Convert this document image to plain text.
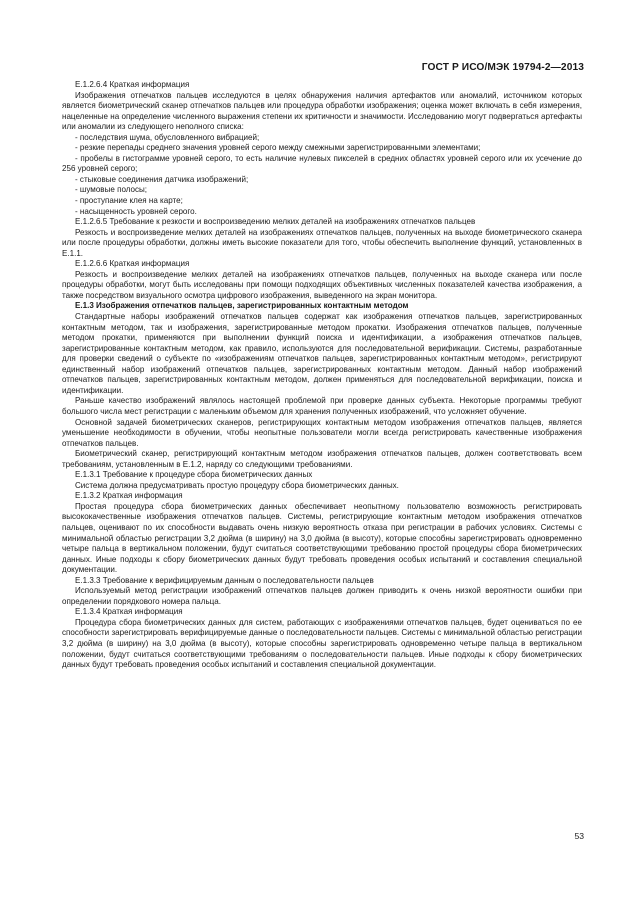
ГОСТ Р ИСО/МЭК 19794-2—2013

Е.1.2.6.4 Краткая информация

Изображения отпечатков пальцев исследуются в целях обнаружения наличия артефактов или аномалий, источником которых является биометрический сканер отпечатков пальцев или процедура обработки изображения; оценка может включать в себя измерения, нацеленные на определение численного выражения степени их критичности и значимости. Исследованию могут подвергаться артефакты или аномалии из следующего неполного списка:

- последствия шума, обусловленного вибрацией;

- резкие перепады среднего значения уровней серого между смежными зарегистрированными элементами;

- пробелы в гистограмме уровней серого, то есть наличие нулевых пикселей в средних областях уровней серого или их усечение до 256 уровней серого;

- стыковые соединения датчика изображений;

- шумовые полосы;

- проступание клея на карте;

- насыщенность уровней серого.

Е.1.2.6.5 Требование к резкости и воспроизведению мелких деталей на изображениях отпечатков пальцев

Резкость и воспроизведение мелких деталей на изображениях отпечатков пальцев, полученных на выходе биометрического сканера или после процедуры обработки, должны иметь высокие показатели для того, чтобы обеспечить выполнение функций, установленных в Е.1.1.

Е.1.2.6.6 Краткая информация

Резкость и воспроизведение мелких деталей на изображениях отпечатков пальцев, полученных на выходе сканера или после процедуры обработки, могут быть исследованы при помощи подходящих объективных численных показателей качества изображения, а также посредством визуального осмотра цифрового изображения, выведенного на экран монитора.

Е.1.3 Изображения отпечатков пальцев, зарегистрированных контактным методом

Стандартные наборы изображений отпечатков пальцев содержат как изображения отпечатков пальцев, зарегистрированных контактным методом, так и изображения, зарегистрированные методом прокатки. Изображения отпечатков пальцев, полученные методом прокатки, применяются при выполнении функций поиска и идентификации, а изображения отпечатков пальцев, зарегистрированные контактным методом, как правило, используются для последовательной верификации. Системы, разработанные для проверки сведений о субъекте по «изображениям отпечатков пальцев, зарегистрированных контактным методом», регистрируют единственный набор изображений отпечатков пальцев, зарегистрированных контактным методом. Данный набор изображений отпечатков пальцев, зарегистрированных контактным методом, должен применяться для последовательной верификации, поиска и идентификации.

Раньше качество изображений являлось настоящей проблемой при проверке данных субъекта. Некоторые программы требуют большого числа мест регистрации с маленьким объемом для хранения полученных изображений, что усложняет обучение.

Основной задачей биометрических сканеров, регистрирующих контактным методом изображения отпечатков пальцев, является уменьшение необходимости в обучении, чтобы неопытные пользователи могли всегда регистрировать качественные изображения отпечатков пальцев.

Биометрический сканер, регистрирующий контактным методом изображения отпечатков пальцев, должен соответствовать всем требованиям, установленным в Е.1.2, наряду со следующими требованиями.

Е.1.3.1 Требование к процедуре сбора биометрических данных

Система должна предусматривать простую процедуру сбора биометрических данных.

Е.1.3.2 Краткая информация

Простая процедура сбора биометрических данных обеспечивает неопытному пользователю возможность регистрировать высококачественные изображения отпечатков пальцев. Системы, регистрирующие контактным методом изображения отпечатков пальцев, оценивают по их способности выдавать очень низкую вероятность отказа при регистрации в рабочих условиях. Системы с минимальной областью регистрации 3,2 дюйма (в ширину) на 3,0 дюйма (в высоту), которые способны зарегистрировать одновременно четыре пальца в вертикальном положении, будут считаться соответствующими требованию простой процедуры сбора биометрических данных. Иные подходы к сбору биометрических данных будут требовать проведения особых испытаний и составления специальной документации.

Е.1.3.3 Требование к верифицируемым данным о последовательности пальцев

Используемый метод регистрации изображений отпечатков пальцев должен приводить к очень низкой вероятности ошибки при определении порядкового номера пальца.

Е.1.3.4 Краткая информация

Процедура сбора биометрических данных для систем, работающих с изображениями отпечатков пальцев, будет оцениваться по ее способности зарегистрировать верифицируемые данные о последовательности пальцев. Системы с минимальной областью регистрации 3,2 дюйма (в ширину) на 3,0 дюйма (в высоту), которые способны зарегистрировать одновременно четыре пальца в вертикальном положении, будут считаться соответствующими требованиям о последовательности пальцев. Иные подходы к сбору биометрических данных будут требовать проведения особых испытаний и составления специальной документации.

53
